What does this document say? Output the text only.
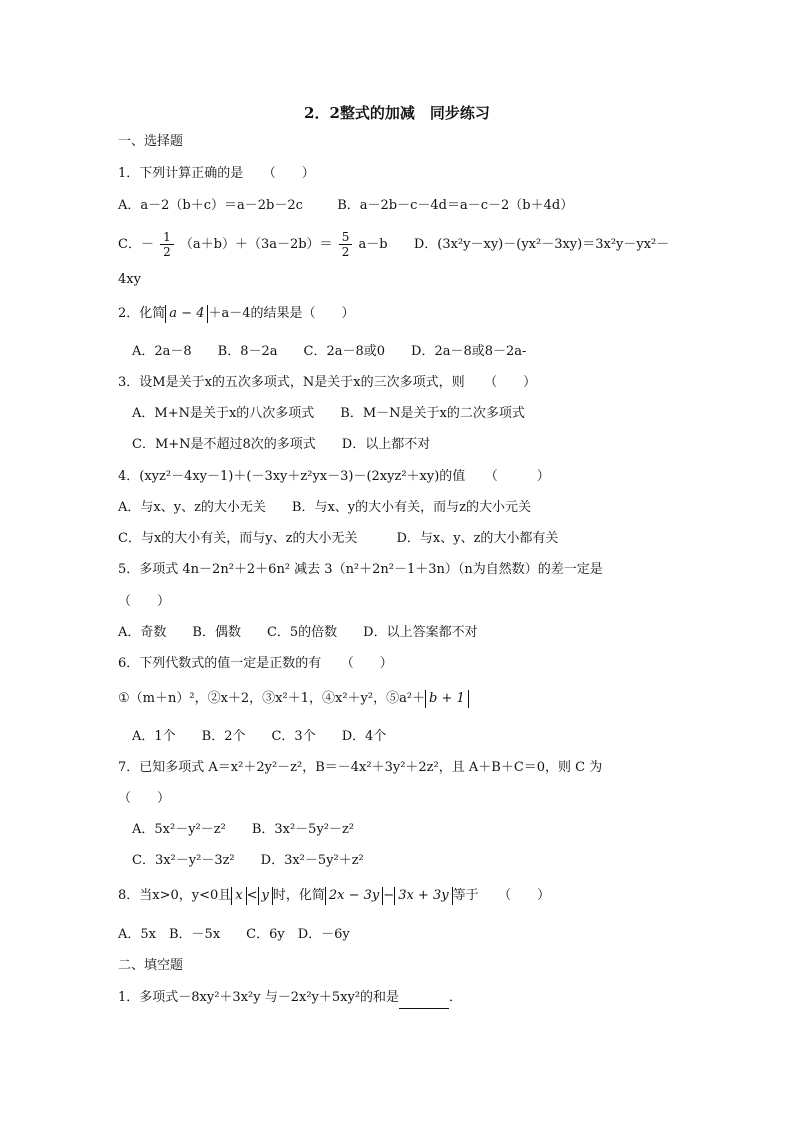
2．2整式的加减　同步练习
一、选择题
1．下列计算正确的是　　（　　）
A．a－2（b＋c）＝a－2b－2c	B．a－2b－c－4d＝a－c－2（b＋4d）
C．－ $\frac{1}{2} (a+b)+(3a-2b)= \frac{5}{2} a-b$ D．(3x²y－xy)－(yx²－3xy)＝3x²y－yx²－
4xy
2．化简 a − 4 ＋a－4的结果是（　　）
A．2a－8　　B．8－2a　　C．2a－8或0　　D．2a－8或8－2a-
3．设M是关于x的五次多项式，N是关于x的三次多项式，则　　（　　）
A．M+N是关于x的八次多项式　　B．M－N是关于x的二次多项式
C．M+N是不超过8次的多项式　　D．以上都不对
4．(xyz²－4xy－1)＋(－3xy＋z²yx－3)－(2xyz²＋xy)的值　　（　　　）
A．与x、y、z的大小无关　　B．与x、y的大小有关，而与z的大小元关
C．与x的大小有关，而与y、z的大小无关　　　D．与x、y、z的大小都有关
5．多项式 4n－2n²＋2＋6n² 减去 3（n²＋2n²－1＋3n）（n为自然数）的差一定是
（　　）
A．奇数　　B．偶数　　C．5的倍数　　D．以上答案都不对
6．下列代数式的值一定是正数的有　　（　　）
①（m＋n）²，②x＋2，③x²＋1，④x²＋y²，⑤a²＋ b + 1
A．1个　　B．2个　　C．3个　　D．4个
7．已知多项式 A＝x²＋2y²－z²，B＝－4x²＋3y²＋2z²，且 A＋B＋C＝0，则 C 为
（　　）
A．5x²－y²－z²　　B．3x²－5y²－z²
C．3x²－y²－3z²　　D．3x²－5y²＋z²
8．当x>0，y<0且 x < y 时，化简 2x − 3y − 3x + 3y 等于　　（　　）
A．5x　B．－5x　　C．6y　D．－6y
二、填空题
1．多项式－8xy²＋3x²y 与－2x²y＋5xy²的和是	．
